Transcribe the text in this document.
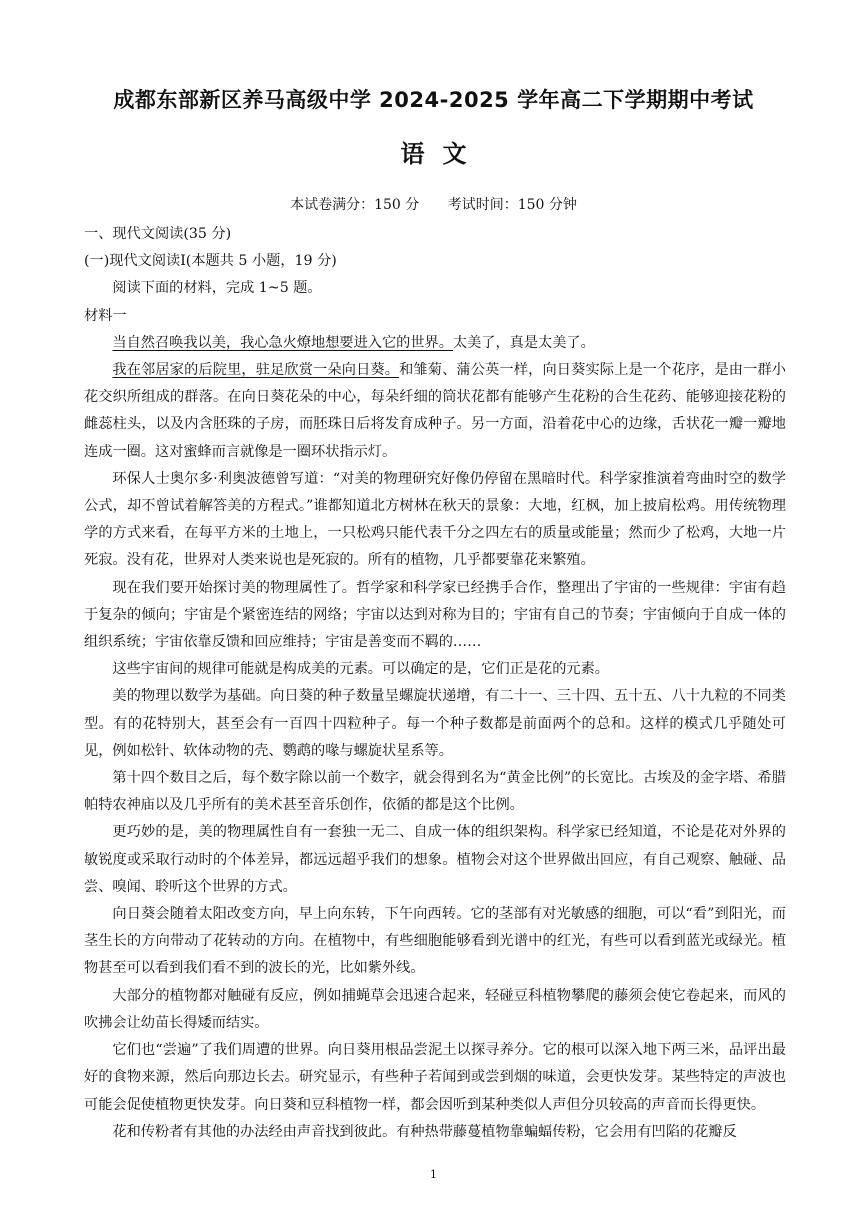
成都东部新区养马高级中学 2024-2025 学年高二下学期期中考试
语文
本试卷满分：150 分 考试时间：150 分钟

一、现代文阅读(35 分)

(一)现代文阅读Ⅰ(本题共 5 小题，19 分)

阅读下面的材料，完成 1~5 题。

材料一

当自然召唤我以美，我心急火燎地想要进入它的世界。太美了，真是太美了。

我在邻居家的后院里，驻足欣赏一朵向日葵。和雏菊、蒲公英一样，向日葵实际上是一个花序，是由一群小花交织所组成的群落。在向日葵花朵的中心，每朵纤细的筒状花都有能够产生花粉的合生花药、能够迎接花粉的雌蕊柱头，以及内含胚珠的子房，而胚珠日后将发育成种子。另一方面，沿着花中心的边缘，舌状花一瓣一瓣地连成一圈。这对蜜蜂而言就像是一圈环状指示灯。

环保人士奥尔多·利奥波德曾写道：“对美的物理研究好像仍停留在黑暗时代。科学家推演着弯曲时空的数学公式，却不曾试着解答美的方程式。”谁都知道北方树林在秋天的景象：大地，红枫，加上披肩松鸡。用传统物理学的方式来看，在每平方米的土地上，一只松鸡只能代表千分之四左右的质量或能量；然而少了松鸡，大地一片死寂。没有花，世界对人类来说也是死寂的。所有的植物，几乎都要靠花来繁殖。

现在我们要开始探讨美的物理属性了。哲学家和科学家已经携手合作，整理出了宇宙的一些规律：宇宙有趋于复杂的倾向；宇宙是个紧密连结的网络；宇宙以达到对称为目的；宇宙有自己的节奏；宇宙倾向于自成一体的组织系统；宇宙依靠反馈和回应维持；宇宙是善变而不羁的……

这些宇宙间的规律可能就是构成美的元素。可以确定的是，它们正是花的元素。

美的物理以数学为基础。向日葵的种子数量呈螺旋状递增，有二十一、三十四、五十五、八十九粒的不同类型。有的花特别大，甚至会有一百四十四粒种子。每一个种子数都是前面两个的总和。这样的模式几乎随处可见，例如松针、软体动物的壳、鹦鹉的喙与螺旋状星系等。

第十四个数目之后，每个数字除以前一个数字，就会得到名为“黄金比例”的长宽比。古埃及的金字塔、希腊帕特农神庙以及几乎所有的美术甚至音乐创作，依循的都是这个比例。

更巧妙的是，美的物理属性自有一套独一无二、自成一体的组织架构。科学家已经知道，不论是花对外界的敏锐度或采取行动时的个体差异，都远远超乎我们的想象。植物会对这个世界做出回应，有自己观察、触碰、品尝、嗅闻、聆听这个世界的方式。

向日葵会随着太阳改变方向，早上向东转，下午向西转。它的茎部有对光敏感的细胞，可以“看”到阳光，而茎生长的方向带动了花转动的方向。在植物中，有些细胞能够看到光谱中的红光，有些可以看到蓝光或绿光。植物甚至可以看到我们看不到的波长的光，比如紫外线。

大部分的植物都对触碰有反应，例如捕蝇草会迅速合起来，轻碰豆科植物攀爬的藤须会使它卷起来，而风的吹拂会让幼苗长得矮而结实。

它们也“尝遍”了我们周遭的世界。向日葵用根品尝泥土以探寻养分。它的根可以深入地下两三米，品评出最好的食物来源，然后向那边长去。研究显示，有些种子若闻到或尝到烟的味道，会更快发芽。某些特定的声波也可能会促使植物更快发芽。向日葵和豆科植物一样，都会因听到某种类似人声但分贝较高的声音而长得更快。

花和传粉者有其他的办法经由声音找到彼此。有种热带藤蔓植物靠蝙蝠传粉，它会用有凹陷的花瓣反

1
